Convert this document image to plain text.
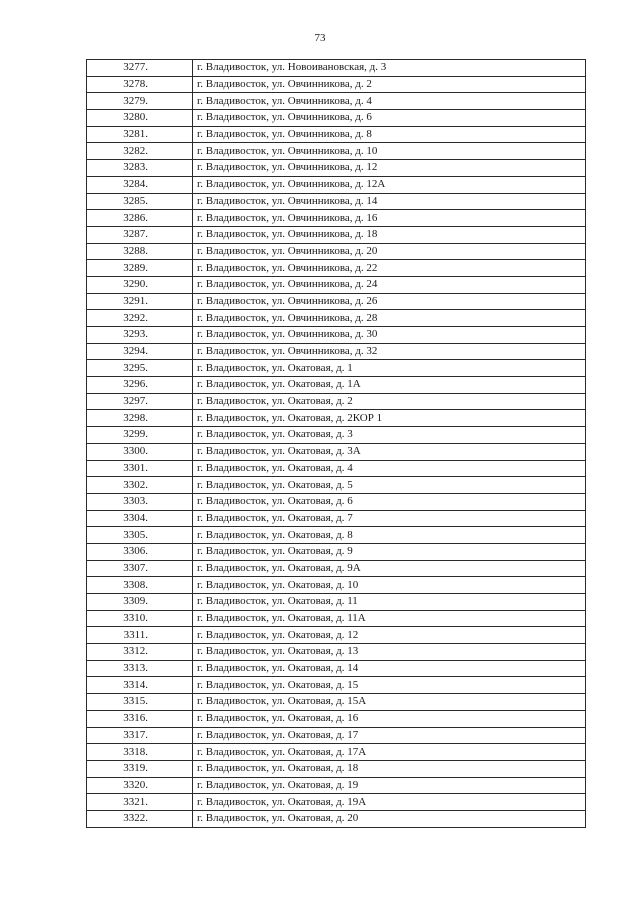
73
3277.	г. Владивосток, ул. Новоивановская, д. 3
3278.	г. Владивосток, ул. Овчинникова, д. 2
3279.	г. Владивосток, ул. Овчинникова, д. 4
3280.	г. Владивосток, ул. Овчинникова, д. 6
3281.	г. Владивосток, ул. Овчинникова, д. 8
3282.	г. Владивосток, ул. Овчинникова, д. 10
3283.	г. Владивосток, ул. Овчинникова, д. 12
3284.	г. Владивосток, ул. Овчинникова, д. 12А
3285.	г. Владивосток, ул. Овчинникова, д. 14
3286.	г. Владивосток, ул. Овчинникова, д. 16
3287.	г. Владивосток, ул. Овчинникова, д. 18
3288.	г. Владивосток, ул. Овчинникова, д. 20
3289.	г. Владивосток, ул. Овчинникова, д. 22
3290.	г. Владивосток, ул. Овчинникова, д. 24
3291.	г. Владивосток, ул. Овчинникова, д. 26
3292.	г. Владивосток, ул. Овчинникова, д. 28
3293.	г. Владивосток, ул. Овчинникова, д. 30
3294.	г. Владивосток, ул. Овчинникова, д. 32
3295.	г. Владивосток, ул. Окатовая, д. 1
3296.	г. Владивосток, ул. Окатовая, д. 1А
3297.	г. Владивосток, ул. Окатовая, д. 2
3298.	г. Владивосток, ул. Окатовая, д. 2КОР 1
3299.	г. Владивосток, ул. Окатовая, д. 3
3300.	г. Владивосток, ул. Окатовая, д. 3А
3301.	г. Владивосток, ул. Окатовая, д. 4
3302.	г. Владивосток, ул. Окатовая, д. 5
3303.	г. Владивосток, ул. Окатовая, д. 6
3304.	г. Владивосток, ул. Окатовая, д. 7
3305.	г. Владивосток, ул. Окатовая, д. 8
3306.	г. Владивосток, ул. Окатовая, д. 9
3307.	г. Владивосток, ул. Окатовая, д. 9А
3308.	г. Владивосток, ул. Окатовая, д. 10
3309.	г. Владивосток, ул. Окатовая, д. 11
3310.	г. Владивосток, ул. Окатовая, д. 11А
3311.	г. Владивосток, ул. Окатовая, д. 12
3312.	г. Владивосток, ул. Окатовая, д. 13
3313.	г. Владивосток, ул. Окатовая, д. 14
3314.	г. Владивосток, ул. Окатовая, д. 15
3315.	г. Владивосток, ул. Окатовая, д. 15А
3316.	г. Владивосток, ул. Окатовая, д. 16
3317.	г. Владивосток, ул. Окатовая, д. 17
3318.	г. Владивосток, ул. Окатовая, д. 17А
3319.	г. Владивосток, ул. Окатовая, д. 18
3320.	г. Владивосток, ул. Окатовая, д. 19
3321.	г. Владивосток, ул. Окатовая, д. 19А
3322.	г. Владивосток, ул. Окатовая, д. 20
